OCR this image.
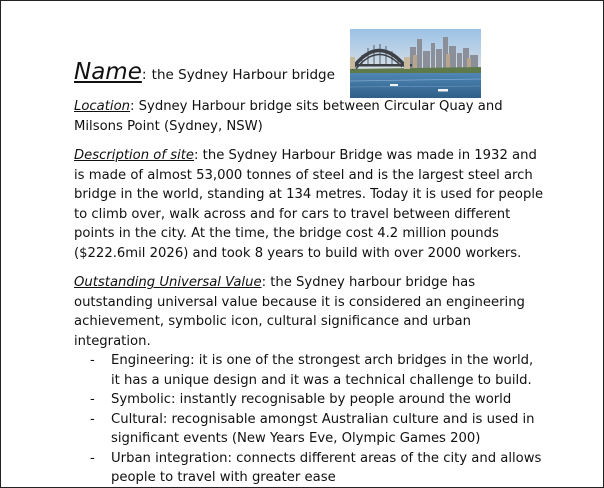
Name: the Sydney Harbour bridge

Location: Sydney Harbour bridge sits between Circular Quay and Milsons Point (Sydney, NSW)

Description of site: the Sydney Harbour Bridge was made in 1932 and is made of almost 53,000 tonnes of steel and is the largest steel arch bridge in the world, standing at 134 metres. Today it is used for people to climb over, walk across and for cars to travel between different points in the city. At the time, the bridge cost 4.2 million pounds ($222.6mil 2026) and took 8 years to build with over 2000 workers.

Outstanding Universal Value: the Sydney harbour bridge has outstanding universal value because it is considered an engineering achievement, symbolic icon, cultural significance and urban integration.

- Engineering: it is one of the strongest arch bridges in the world, it has a unique design and it was a technical challenge to build.
- Symbolic: instantly recognisable by people around the world
- Cultural: recognisable amongst Australian culture and is used in significant events (New Years Eve, Olympic Games 200)
- Urban integration: connects different areas of the city and allows people to travel with greater ease
